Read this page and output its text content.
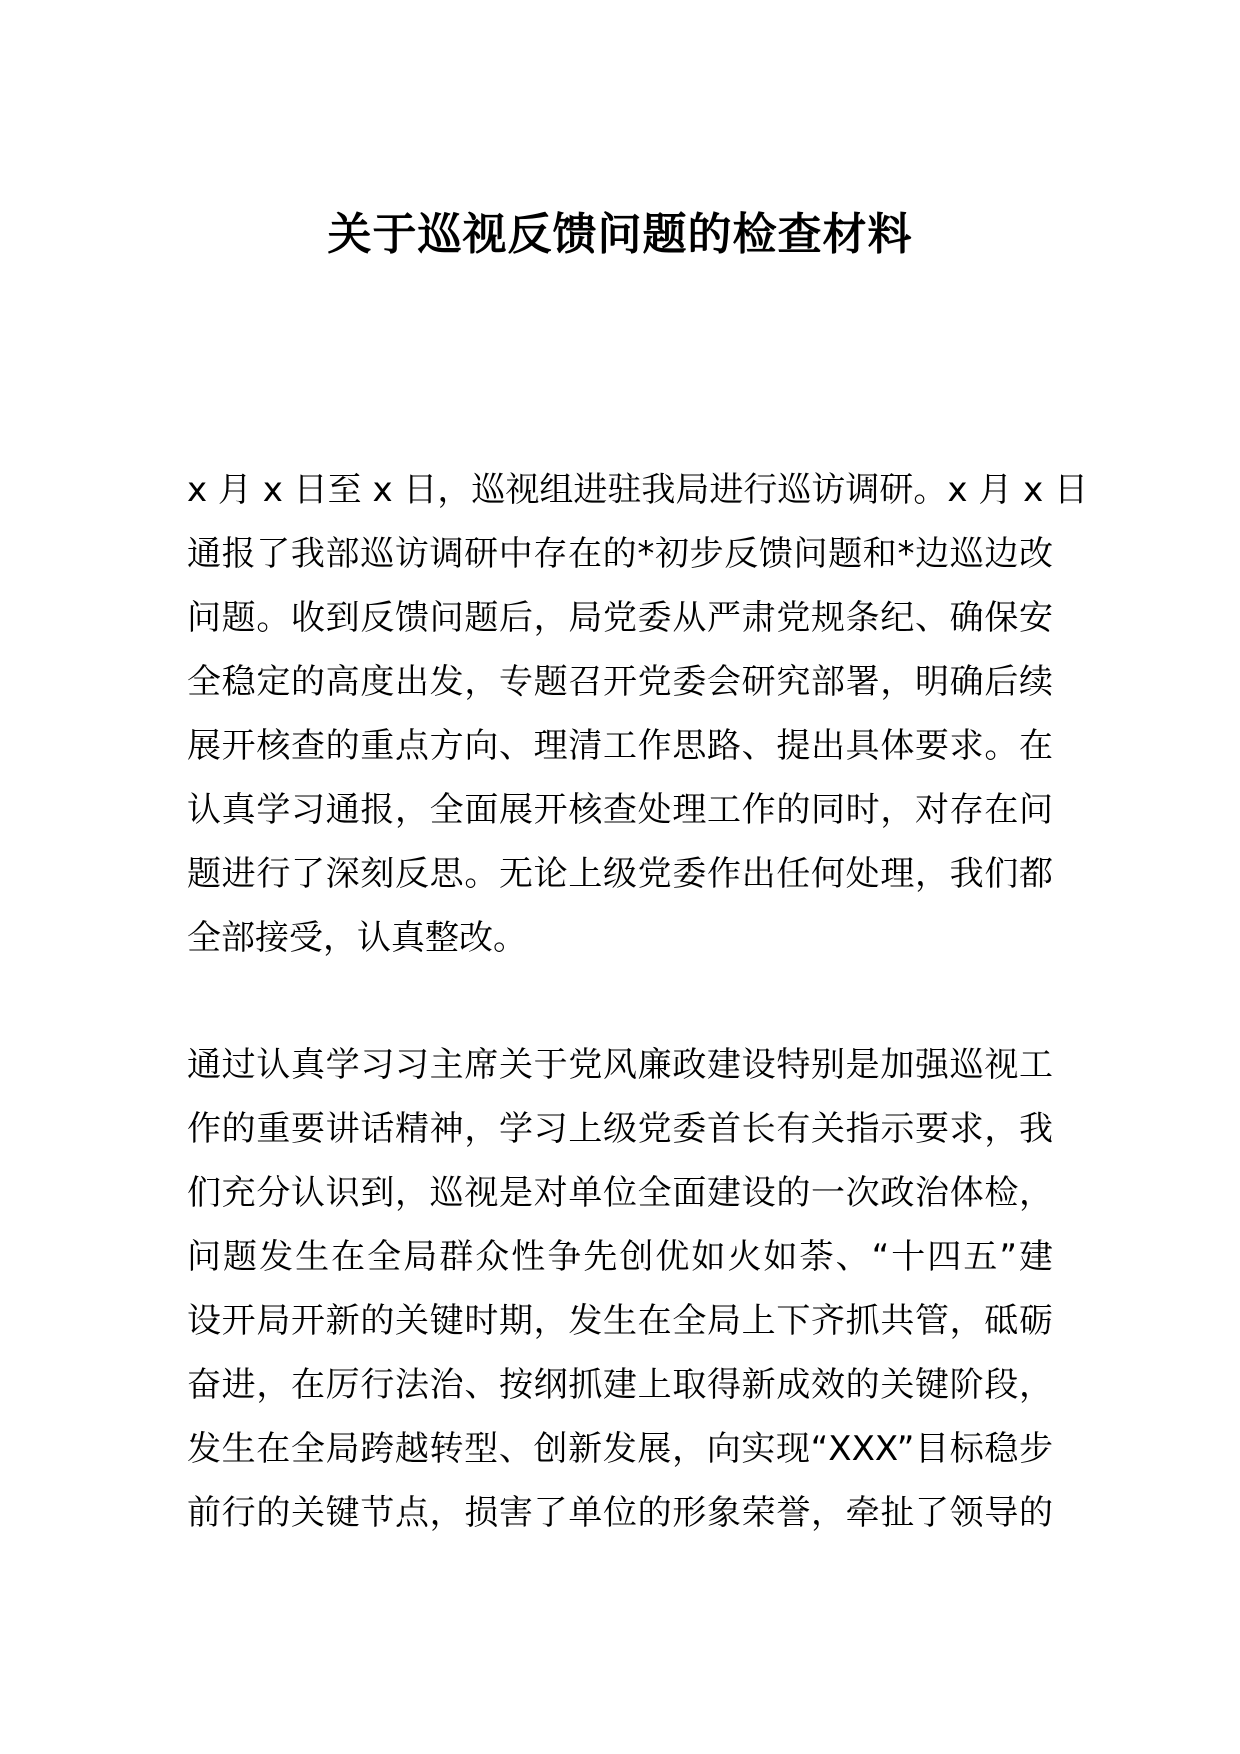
关于巡视反馈问题的检查材料
x 月 x 日至 x 日，巡视组进驻我局进行巡访调研。x 月 x 日
通报了我部巡访调研中存在的*初步反馈问题和*边巡边改
问题。收到反馈问题后，局党委从严肃党规条纪、确保安
全稳定的高度出发，专题召开党委会研究部署，明确后续
展开核查的重点方向、理清工作思路、提出具体要求。在
认真学习通报，全面展开核查处理工作的同时，对存在问
题进行了深刻反思。无论上级党委作出任何处理，我们都
全部接受，认真整改。
通过认真学习习主席关于党风廉政建设特别是加强巡视工
作的重要讲话精神，学习上级党委首长有关指示要求，我
们充分认识到，巡视是对单位全面建设的一次政治体检，
问题发生在全局群众性争先创优如火如荼、“十四五”建
设开局开新的关键时期，发生在全局上下齐抓共管，砥砺
奋进，在厉行法治、按纲抓建上取得新成效的关键阶段，
发生在全局跨越转型、创新发展，向实现“XXX”目标稳步
前行的关键节点，损害了单位的形象荣誉，牵扯了领导的
